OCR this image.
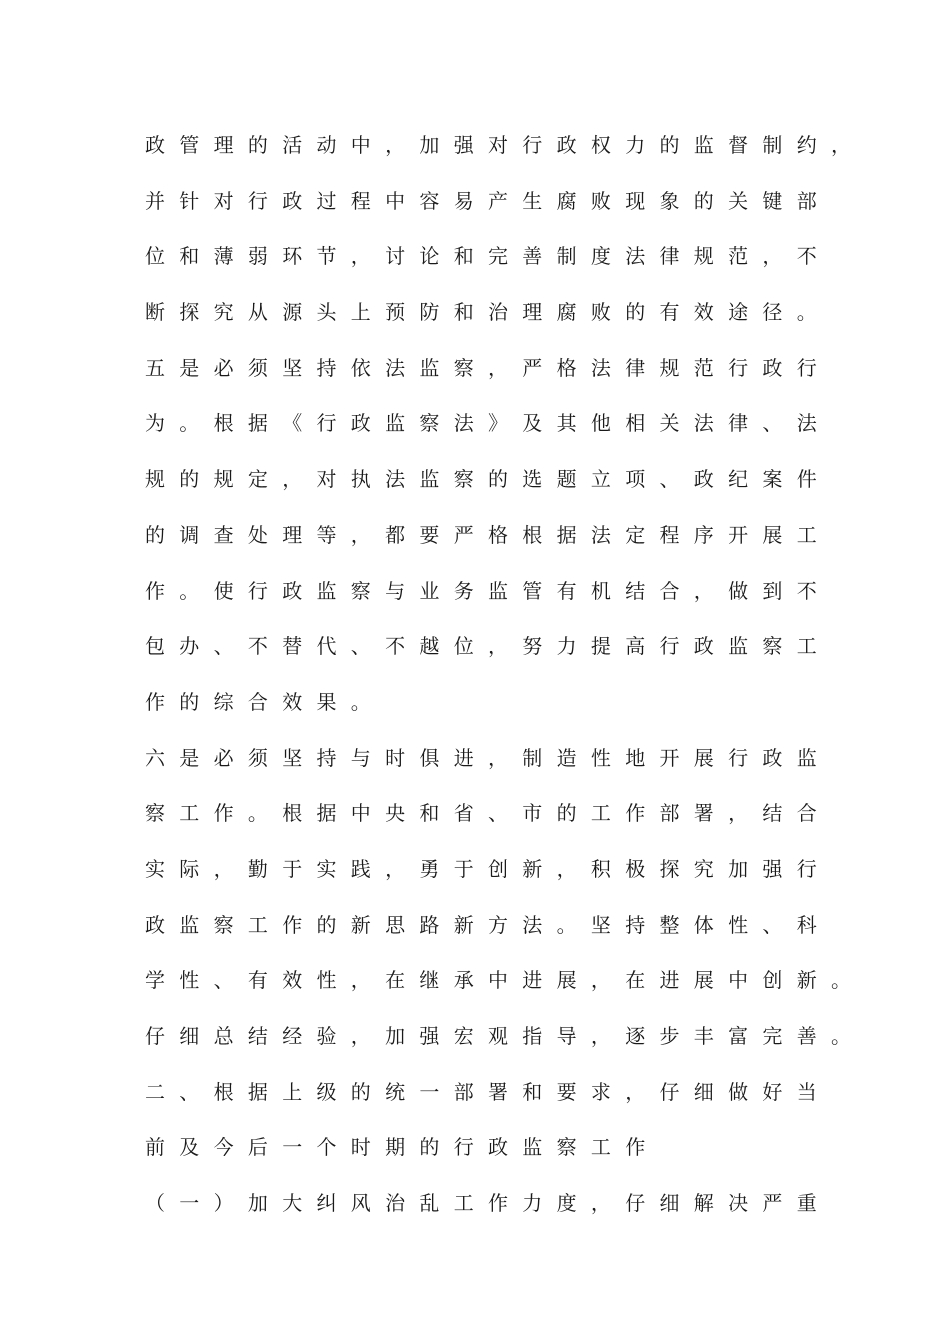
政管理的活动中，加强对行政权力的监督制约，
并针对行政过程中容易产生腐败现象的关键部
位和薄弱环节，讨论和完善制度法律规范，不
断探究从源头上预防和治理腐败的有效途径。
五是必须坚持依法监察，严格法律规范行政行
为。根据《行政监察法》及其他相关法律、法
规的规定，对执法监察的选题立项、政纪案件
的调查处理等，都要严格根据法定程序开展工
作。使行政监察与业务监管有机结合，做到不
包办、不替代、不越位，努力提高行政监察工
作的综合效果。
六是必须坚持与时俱进，制造性地开展行政监
察工作。根据中央和省、市的工作部署，结合
实际，勤于实践，勇于创新，积极探究加强行
政监察工作的新思路新方法。坚持整体性、科
学性、有效性，在继承中进展，在进展中创新。
仔细总结经验，加强宏观指导，逐步丰富完善。
二、根据上级的统一部署和要求，仔细做好当
前及今后一个时期的行政监察工作
（一）加大纠风治乱工作力度，仔细解决严重
